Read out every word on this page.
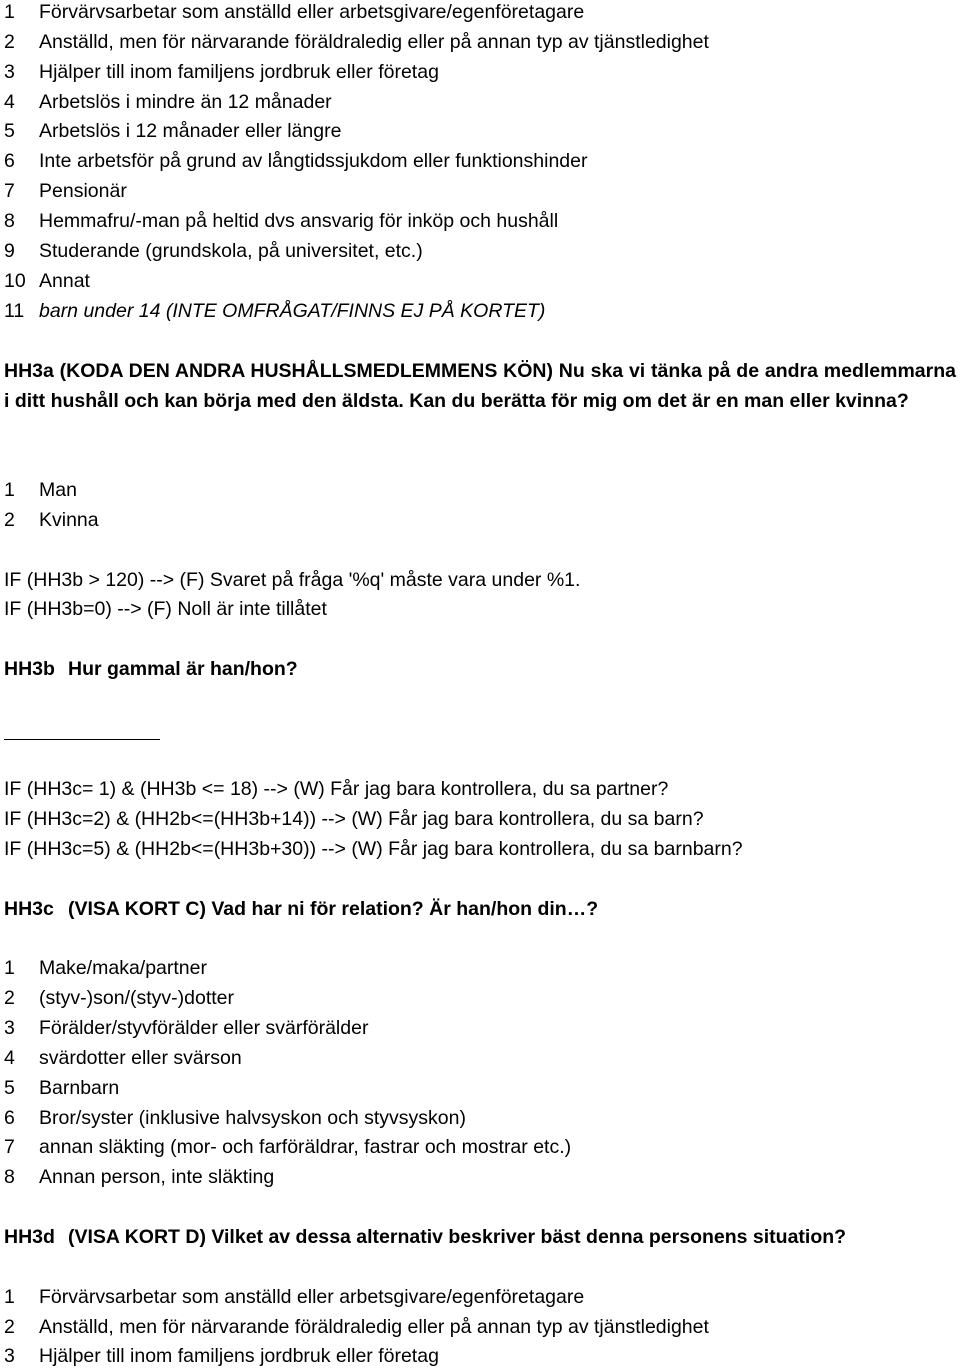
1	Förvärvsarbetar som anställd eller arbetsgivare/egenföretagare
2	Anställd, men för närvarande föräldraledig eller på annan typ av tjänstledighet
3	Hjälper till inom familjens jordbruk eller företag
4	Arbetslös i mindre än 12 månader
5	Arbetslös i 12 månader eller längre
6	Inte arbetsför på grund av långtidssjukdom eller funktionshinder
7	Pensionär
8	Hemmafru/-man på heltid dvs ansvarig för inköp och hushåll
9	Studerande (grundskola, på universitet, etc.)
10 Annat
11 barn under 14 (INTE OMFRÅGAT/FINNS EJ PÅ KORTET)
HH3a (KODA DEN ANDRA HUSHÅLLSMEDLEMMENS KÖN) Nu ska vi tänka på de andra medlemmarna i ditt hushåll och kan börja med den äldsta. Kan du berätta för mig om det är en man eller kvinna?
1	Man
2	Kvinna
IF (HH3b > 120) --> (F) Svaret på fråga '%q' måste vara under %1.
IF (HH3b=0) --> (F) Noll är inte tillåtet
HH3b Hur gammal är han/hon?
IF (HH3c= 1) & (HH3b <= 18) --> (W) Får jag bara kontrollera, du sa partner?
IF (HH3c=2) & (HH2b<=(HH3b+14)) --> (W) Får jag bara kontrollera, du sa barn?
IF (HH3c=5) & (HH2b<=(HH3b+30)) --> (W) Får jag bara kontrollera, du sa barnbarn?
HH3c (VISA KORT C) Vad har ni för relation? Är han/hon din…?
1	Make/maka/partner
2	(styv-)son/(styv-)dotter
3	Förälder/styvförälder eller svärförälder
4	svärdotter eller svärson
5	Barnbarn
6	Bror/syster (inklusive halvsyskon och styvsyskon)
7	annan släkting (mor- och farföräldrar, fastrar och mostrar etc.)
8	Annan person, inte släkting
HH3d (VISA KORT D) Vilket av dessa alternativ beskriver bäst denna personens situation?
1	Förvärvsarbetar som anställd eller arbetsgivare/egenföretagare
2	Anställd, men för närvarande föräldraledig eller på annan typ av tjänstledighet
3	Hjälper till inom familjens jordbruk eller företag
